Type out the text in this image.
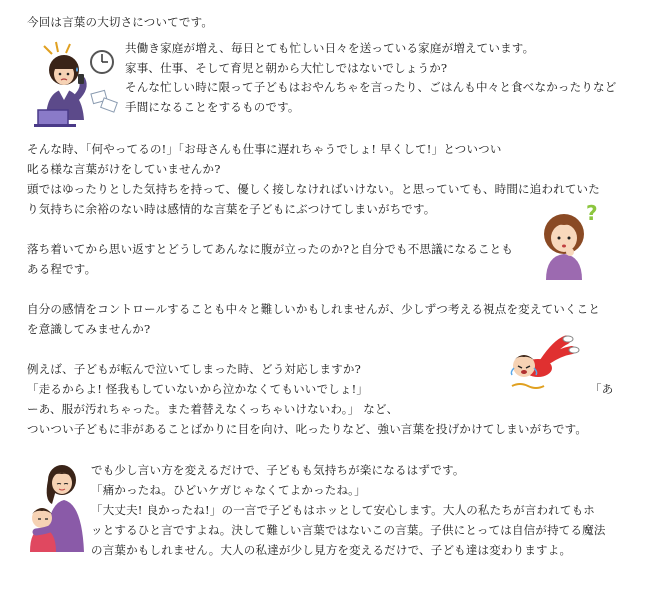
今回は言葉の大切さについてです。
共働き家庭が増え、毎日とても忙しい日々を送っている家庭が増えています。
家事、仕事、そして育児と朝から大忙しではないでしょうか?
そんな忙しい時に限って子どもはおやんちゃを言ったり、ごはんも中々と食べなかったりなど
手間になることをするものです。
そんな時、「何やってるの!」「お母さんも仕事に遅れちゃうでしょ! 早くして!」とついつい
叱る様な言葉がけをしていませんか?
頭ではゆったりとした気持ちを持って、優しく接しなければいけない。と思っていても、時間に追われていた
り気持ちに余裕のない時は感情的な言葉を子どもにぶつけてしまいがちです。	?
落ち着いてから思い返すとどうしてあんなに腹が立ったのか?と自分でも不思議になることも
ある程です。
自分の感情をコントロールすることも中々と難しいかもしれませんが、少しずつ考える視点を変えていくこと
を意識してみませんか?
例えば、子どもが転んで泣いてしまった時、どう対応しますか?
「走るからよ! 怪我もしていないから泣かなくてもいいでしょ!」	「あ
ーあ、服が汚れちゃった。また着替えなくっちゃいけないわ。」 など、
ついつい子どもに非があることばかりに目を向け、叱ったりなど、強い言葉を投げかけてしまいがちです。
でも少し言い方を変えるだけで、子どもも気持ちが楽になるはずです。
「痛かったね。ひどいケガじゃなくてよかったね。」
「大丈夫! 良かったね!」の一言で子どもはホッとして安心します。大人の私たちが言われてもホ
ッとするひと言ですよね。決して難しい言葉ではないこの言葉。子供にとっては自信が持てる魔法
の言葉かもしれません。大人の私達が少し見方を変えるだけで、子ども達は変わりますよ。
